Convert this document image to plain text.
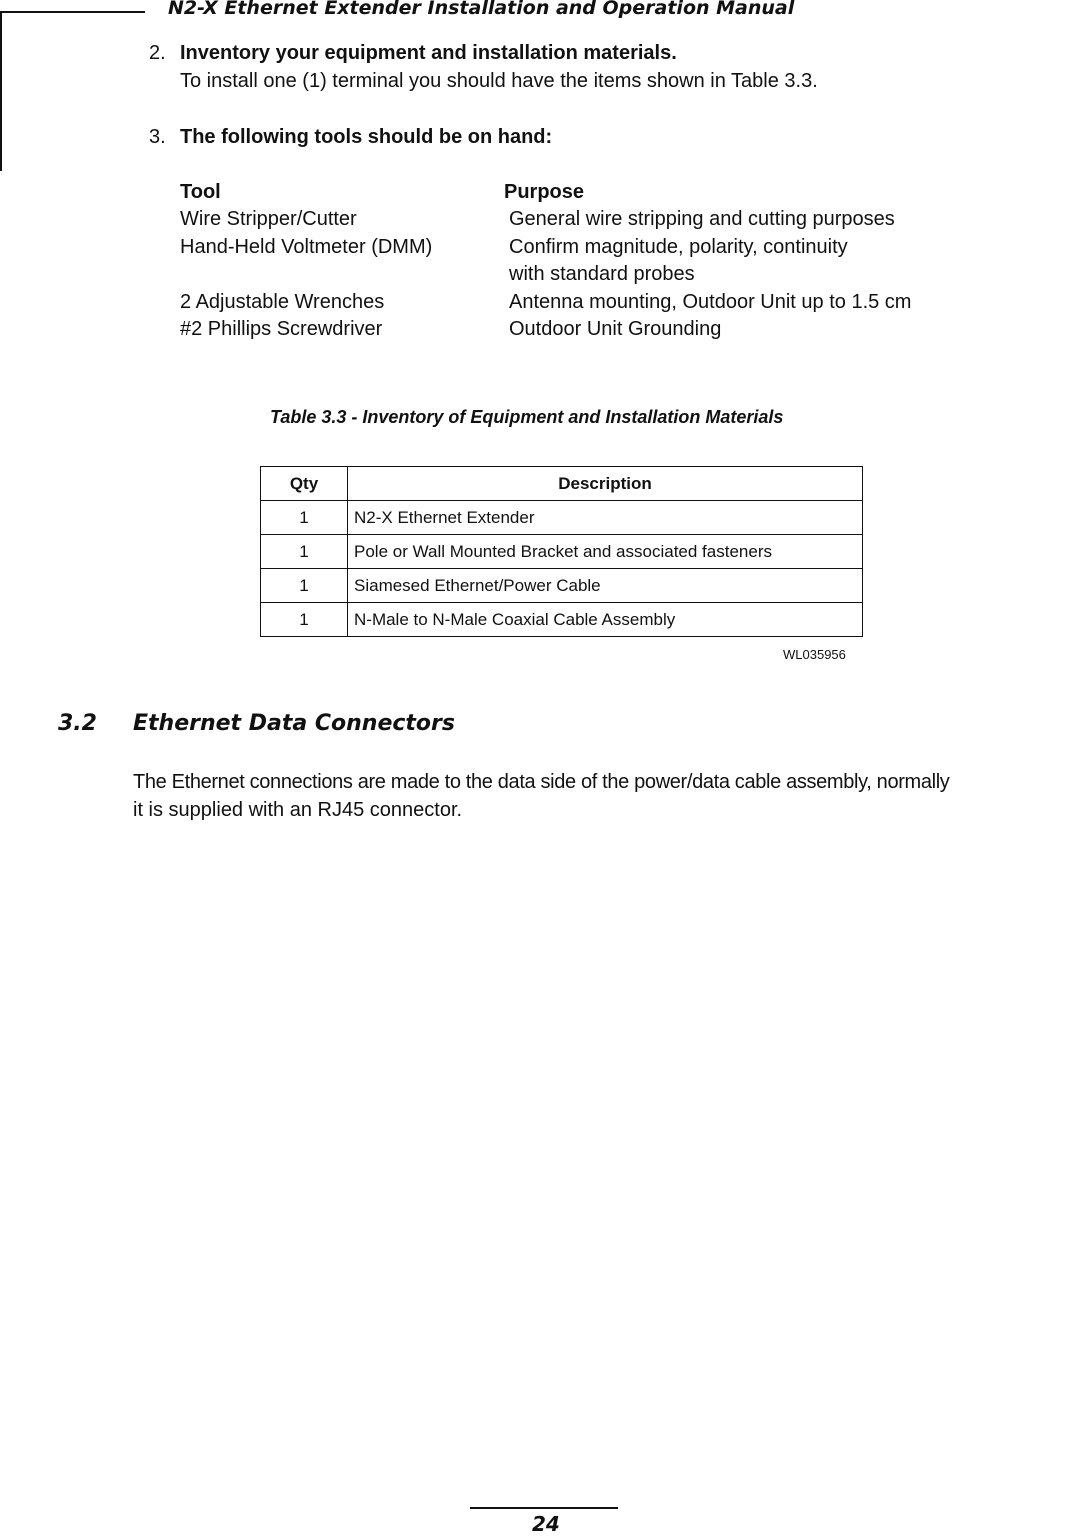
N2-X Ethernet Extender Installation and Operation Manual
2. Inventory your equipment and installation materials.
To install one (1) terminal you should have the items shown in Table 3.3.
3. The following tools should be on hand:
Tool	Purpose
Wire Stripper/Cutter	General wire stripping and cutting purposes
Hand-Held Voltmeter (DMM)	Confirm magnitude, polarity, continuity
with standard probes
2 Adjustable Wrenches	Antenna mounting, Outdoor Unit up to 1.5 cm
#2 Phillips Screwdriver	Outdoor Unit Grounding
Table 3.3 - Inventory of Equipment and Installation Materials
Qty	Description
1	N2-X Ethernet Extender
1	Pole or Wall Mounted Bracket and associated fasteners
1	Siamesed Ethernet/Power Cable
1	N-Male to N-Male Coaxial Cable Assembly
WL035956
3.2 Ethernet Data Connectors
The Ethernet connections are made to the data side of the power/data cable assembly, normally
it is supplied with an RJ45 connector.
24
